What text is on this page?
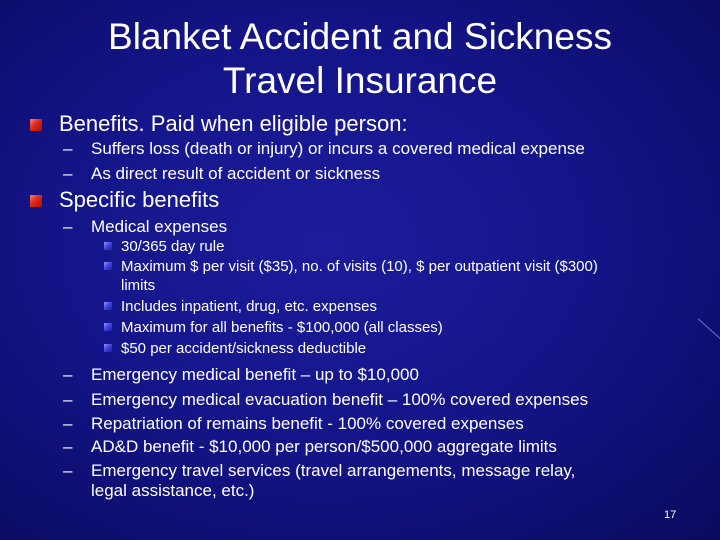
Blanket Accident and Sickness
Travel Insurance
Benefits. Paid when eligible person:
– Suffers loss (death or injury) or incurs a covered medical expense
– As direct result of accident or sickness
Specific benefits
– Medical expenses
30/365 day rule
Maximum $ per visit ($35), no. of visits (10), $ per outpatient visit ($300)
limits
Includes inpatient, drug, etc. expenses
Maximum for all benefits - $100,000 (all classes)
$50 per accident/sickness deductible
– Emergency medical benefit – up to $10,000
– Emergency medical evacuation benefit – 100% covered expenses
– Repatriation of remains benefit - 100% covered expenses
– AD&D benefit - $10,000 per person/$500,000 aggregate limits
– Emergency travel services (travel arrangements, message relay,
legal assistance, etc.)
17
